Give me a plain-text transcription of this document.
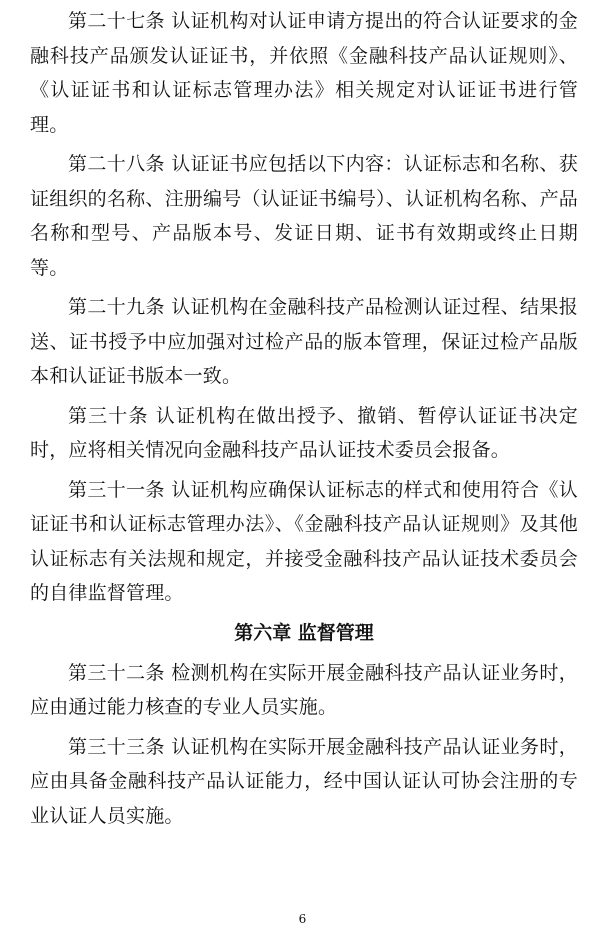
第二十七条 认证机构对认证申请方提出的符合认证要求的金融科技产品颁发认证证书，并依照《金融科技产品认证规则》、《认证证书和认证标志管理办法》相关规定对认证证书进行管理。

第二十八条 认证证书应包括以下内容：认证标志和名称、获证组织的名称、注册编号（认证证书编号）、认证机构名称、产品名称和型号、产品版本号、发证日期、证书有效期或终止日期等。

第二十九条 认证机构在金融科技产品检测认证过程、结果报送、证书授予中应加强对过检产品的版本管理，保证过检产品版本和认证证书版本一致。

第三十条 认证机构在做出授予、撤销、暂停认证证书决定时，应将相关情况向金融科技产品认证技术委员会报备。

第三十一条 认证机构应确保认证标志的样式和使用符合《认证证书和认证标志管理办法》、《金融科技产品认证规则》及其他认证标志有关法规和规定，并接受金融科技产品认证技术委员会的自律监督管理。

第六章 监督管理

第三十二条 检测机构在实际开展金融科技产品认证业务时，应由通过能力核查的专业人员实施。

第三十三条 认证机构在实际开展金融科技产品认证业务时，应由具备金融科技产品认证能力，经中国认证认可协会注册的专业认证人员实施。

6
